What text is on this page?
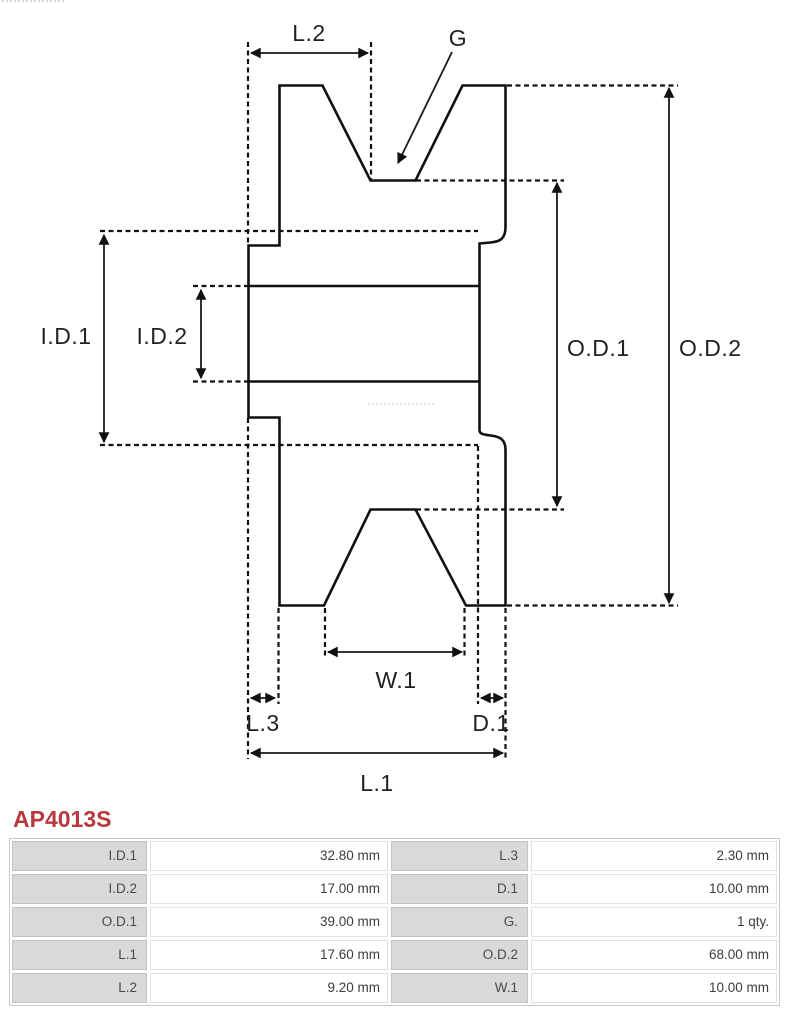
L.2	G
I.D.1 I.D.2	O.D.1 O.D.2
W.1
L.3	D.1
L.1
AP4013S
I.D.1	32.80 mm	L.3	2.30 mm
I.D.2	17.00 mm	D.1	10.00 mm
O.D.1	39.00 mm	G.	1 qty.
L.1	17.60 mm	O.D.2	68.00 mm
L.2	9.20 mm	W.1	10.00 mm
